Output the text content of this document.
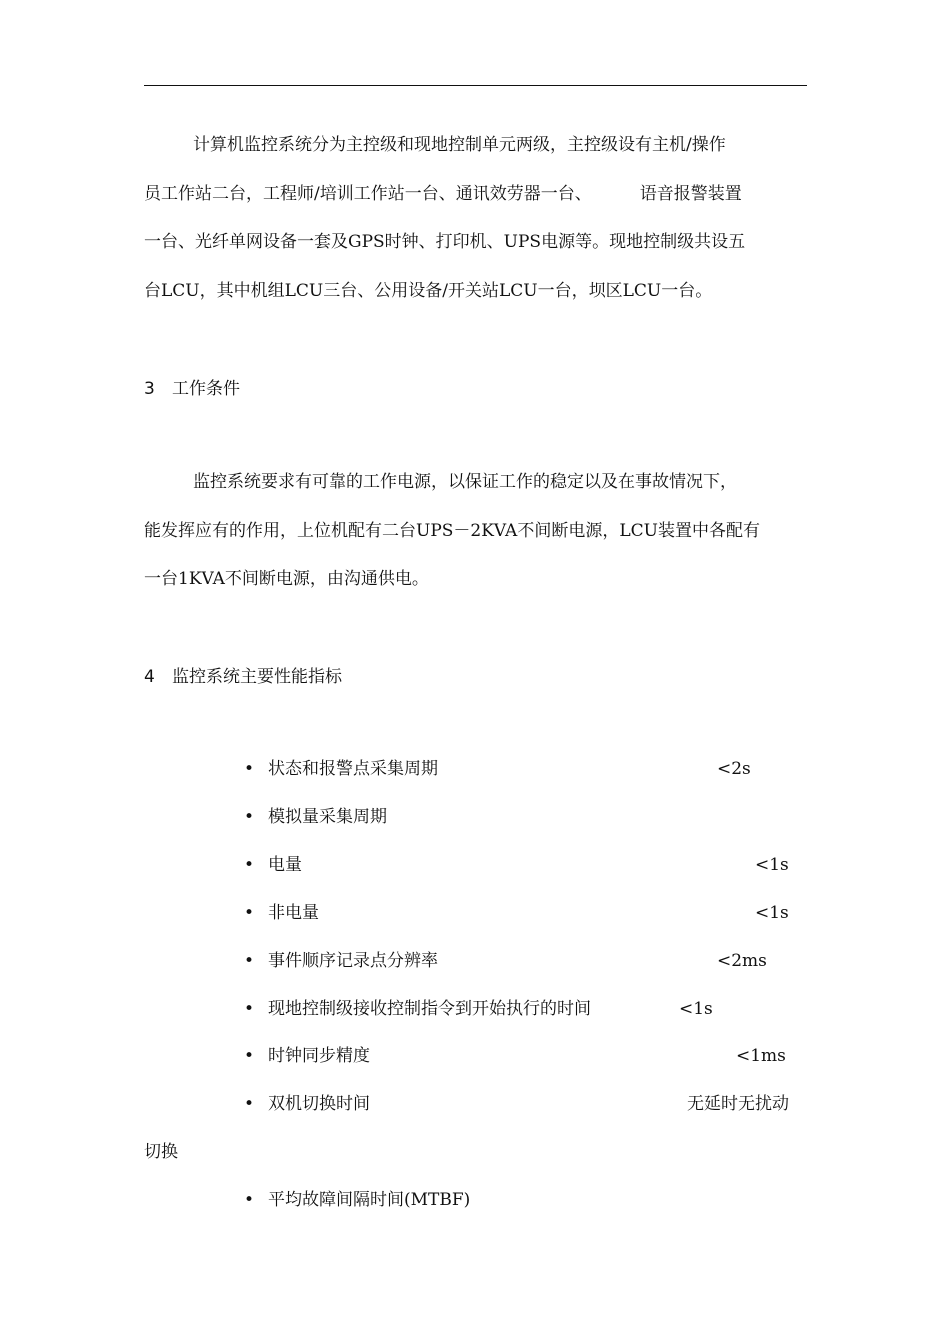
计算机监控系统分为主控级和现地控制单元两级，主控级设有主机/操作
员工作站二台，工程师/培训工作站一台、通讯效劳器一台、	语音报警装置
一台、光纤单网设备一套及GPS时钟、打印机、UPS电源等。现地控制级共设五
台LCU，其中机组LCU三台、公用设备/开关站LCU一台，坝区LCU一台。

3 工作条件

监控系统要求有可靠的工作电源，以保证工作的稳定以及在事故情况下，
能发挥应有的作用，上位机配有二台UPS－2KVA不间断电源，LCU装置中各配有
一台1KVA不间断电源，由沟通供电。

4 监控系统主要性能指标
• 状态和报警点采集周期	<2s
• 模拟量采集周期
• 电量	<1s
• 非电量	<1s
• 事件顺序记录点分辨率	<2ms
• 现地控制级接收控制指令到开始执行的时间	<1s
• 时钟同步精度	<1ms
• 双机切换时间	无延时无扰动
切换
• 平均故障间隔时间(MTBF)
